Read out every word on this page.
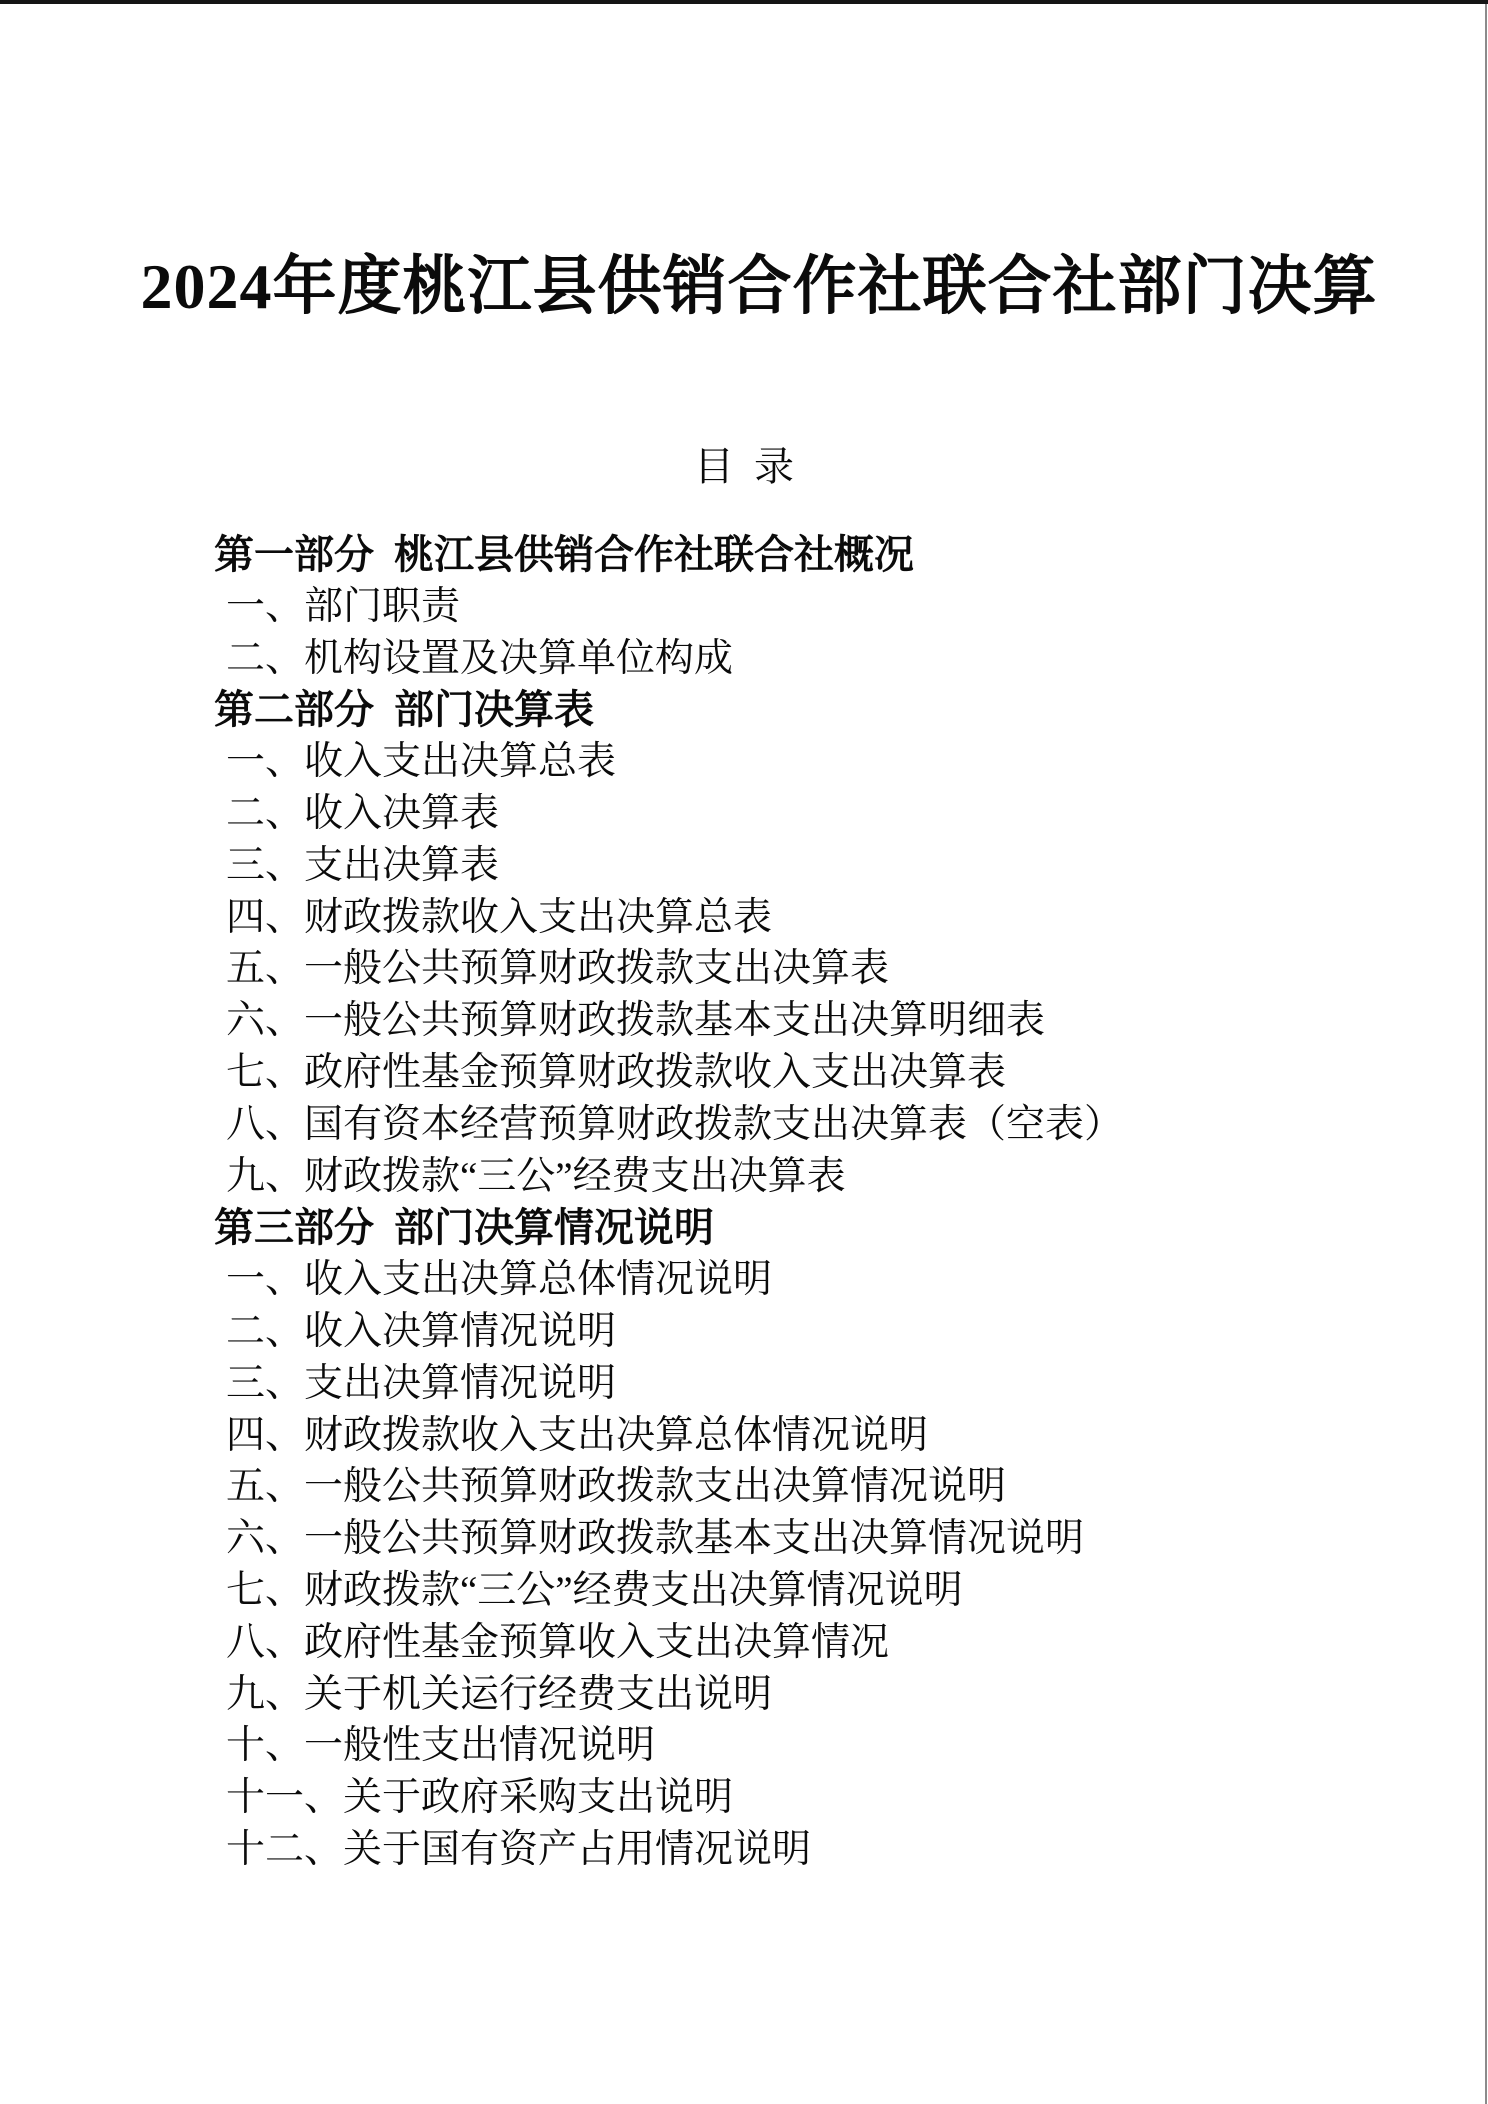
2024年度桃江县供销合作社联合社部门决算
目  录
第一部分  桃江县供销合作社联合社概况
一、部门职责
二、机构设置及决算单位构成
第二部分  部门决算表
一、收入支出决算总表
二、收入决算表
三、支出决算表
四、财政拨款收入支出决算总表
五、一般公共预算财政拨款支出决算表
六、一般公共预算财政拨款基本支出决算明细表
七、政府性基金预算财政拨款收入支出决算表
八、国有资本经营预算财政拨款支出决算表（空表）
九、财政拨款“三公”经费支出决算表
第三部分  部门决算情况说明
一、收入支出决算总体情况说明
二、收入决算情况说明
三、支出决算情况说明
四、财政拨款收入支出决算总体情况说明
五、一般公共预算财政拨款支出决算情况说明
六、一般公共预算财政拨款基本支出决算情况说明
七、财政拨款“三公”经费支出决算情况说明
八、政府性基金预算收入支出决算情况
九、关于机关运行经费支出说明
十、一般性支出情况说明
十一、关于政府采购支出说明
十二、关于国有资产占用情况说明
